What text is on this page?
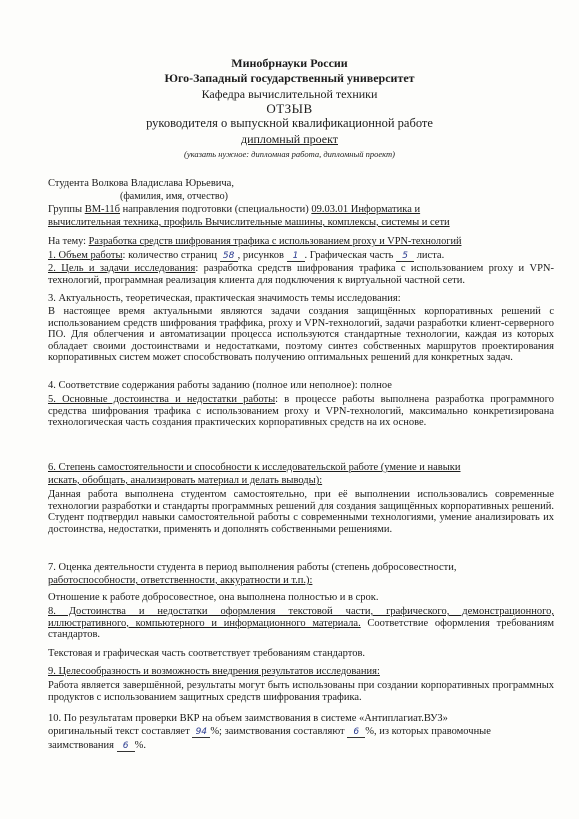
Минобрнауки России
Юго-Западный государственный университет
Кафедра вычислительной техники
ОТЗЫВ
руководителя о выпускной квалификационной работе
дипломный проект
(указать нужное: дипломная работа, дипломный проект)
Студента Волкова Владислава Юрьевича,
(фамилия, имя, отчество)
Группы ВМ-11б направления подготовки (специальности) 09.03.01 Информатика и
вычислительная техника, профиль Вычислительные машины, комплексы, системы и сети
На тему: Разработка средств шифрования трафика с использованием proxy и VPN-технологий
1. Объем работы: количество страниц 58 , рисунков 1 . Графическая часть 5 листа.
2. Цель и задачи исследования: разработка средств шифрования трафика с использованием proxy и VPN-технологий, программная реализация клиента для подключения к виртуальной частной сети.
3. Актуальность, теоретическая, практическая значимость темы исследования:
В настоящее время актуальными являются задачи создания защищённых корпоративных решений с использованием средств шифрования траффика, proxy и VPN-технологий, задачи разработки клиент-серверного ПО. Для облегчения и автоматизации процесса используются стандартные технологии, каждая из которых обладает своими достоинствами и недостатками, поэтому синтез собственных маршрутов проектирования корпоративных систем может способствовать получению оптимальных решений для конкретных задач.
4. Соответствие содержания работы заданию (полное или неполное): полное
5. Основные достоинства и недостатки работы: в процессе работы выполнена разработка программного средства шифрования трафика с использованием proxy и VPN-технологий, максимально конкретизирована технологическая часть создания практических корпоративных средств на их основе.
6. Степень самостоятельности и способности к исследовательской работе (умение и навыки
искать, обобщать, анализировать материал и делать выводы):
Данная работа выполнена студентом самостоятельно, при её выполнении использовались современные технологии разработки и стандарты программных решений для создания защищённых корпоративных решений. Студент подтвердил навыки самостоятельной работы с современными технологиями, умение анализировать их достоинства, недостатки, применять и дополнять собственными решениями.
7. Оценка деятельности студента в период выполнения работы (степень добросовестности,
работоспособности, ответственности, аккуратности и т.п.):
Отношение к работе добросовестное, она выполнена полностью и в срок.
8. Достоинства и недостатки оформления текстовой части, графического, демонстрационного, иллюстративного, компьютерного и информационного материала. Соответствие оформления требованиям стандартов.
Текстовая и графическая часть соответствует требованиям стандартов.
9. Целесообразность и возможность внедрения результатов исследования:
Работа является завершённой, результаты могут быть использованы при создании корпоративных программных продуктов с использованием защитных средств шифрования трафика.
10. По результатам проверки ВКР на объем заимствования в системе «Антиплагиат.ВУЗ»
оригинальный текст составляет 94 %; заимствования составляют 6 %, из которых правомочные
заимствования 6 %.
